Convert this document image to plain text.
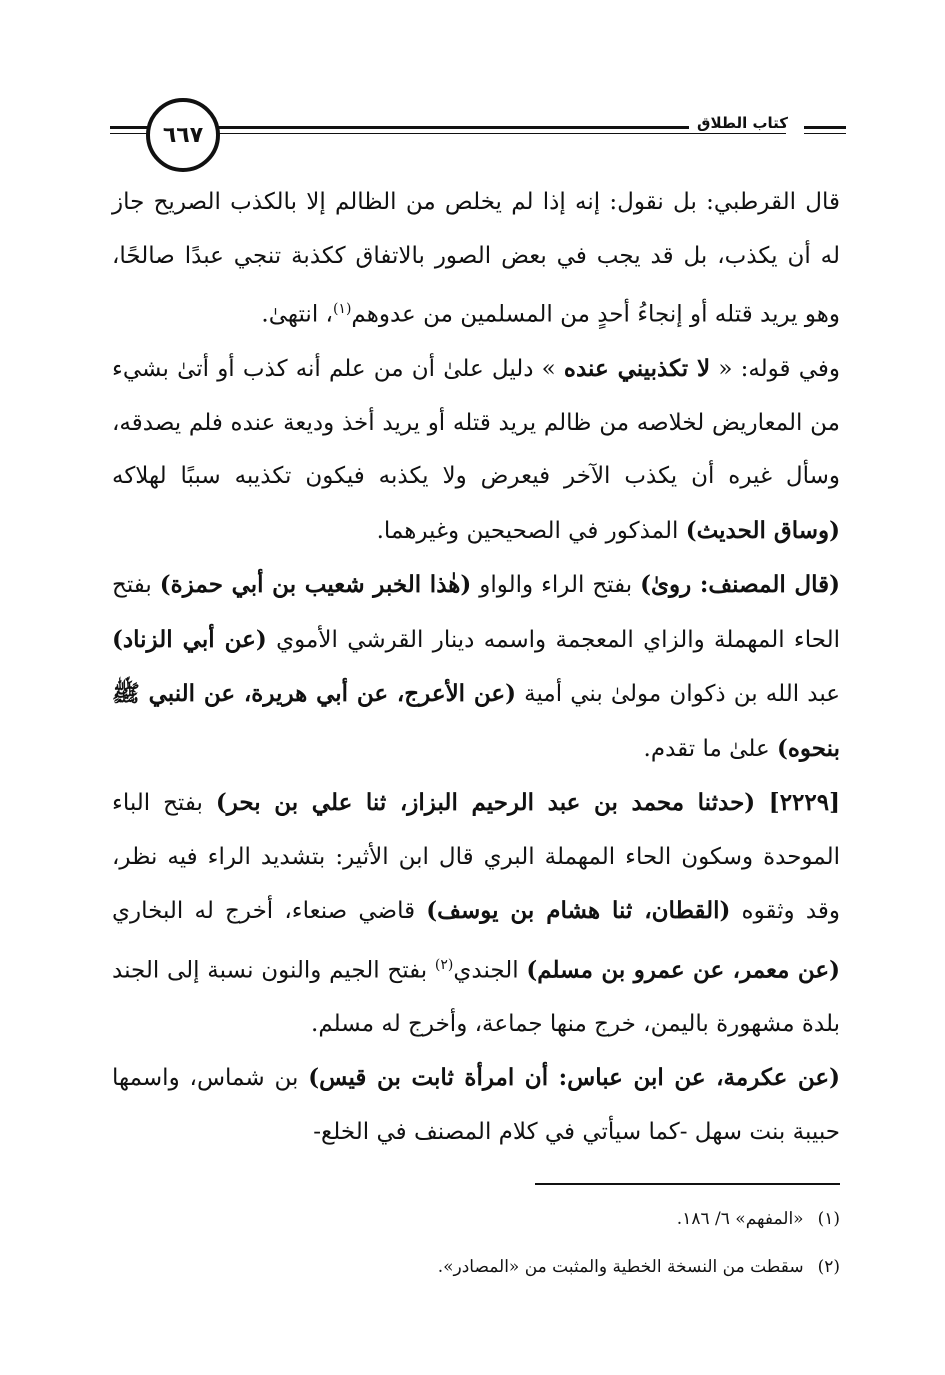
٦٦٧	كتاب الطلاق

قال القرطبي: بل نقول: إنه إذا لم يخلص من الظالم إلا بالكذب الصريح جاز له أن يكذب، بل قد يجب في بعض الصور بالاتفاق ككذبة تنجي عبدًا صالحًا، وهو يريد قتله أو إنجاءُ أحدٍ من المسلمين من عدوهم$^{(١)}$، انتهىٰ.

وفي قوله: « لا تكذبيني عنده » دليل علىٰ أن من علم أنه كذب أو أتىٰ بشيء من المعاريض لخلاصه من ظالم يريد قتله أو يريد أخذ وديعة عنده فلم يصدقه، وسأل غيره أن يكذب الآخر فيعرض ولا يكذبه فيكون تكذيبه سببًا لهلاكه (وساق الحديث) المذكور في الصحيحين وغيرهما.

(قال المصنف: روىٰ) بفتح الراء والواو (هٰذا الخبر شعيب بن أبي حمزة) بفتح الحاء المهملة والزاي المعجمة واسمه دينار القرشي الأموي (عن أبي الزناد) عبد الله بن ذكوان مولىٰ بني أمية (عن الأعرج، عن أبي هريرة، عن النبي ﷺ بنحوه) علىٰ ما تقدم.

[٢٢٢٩] (حدثنا محمد بن عبد الرحيم البزاز، ثنا علي بن بحر) بفتح الباء الموحدة وسكون الحاء المهملة البري قال ابن الأثير: بتشديد الراء فيه نظر، وقد وثقوه (القطان، ثنا هشام بن يوسف) قاضي صنعاء، أخرج له البخاري (عن معمر، عن عمرو بن مسلم) الجندي$^{(٢)}$ بفتح الجيم والنون نسبة إلى الجند بلدة مشهورة باليمن، خرج منها جماعة، وأخرج له مسلم.

(عن عكرمة، عن ابن عباس: أن امرأة ثابت بن قيس) بن شماس، واسمها حبيبة بنت سهل -كما سيأتي في كلام المصنف في الخلع-

(١)«المفهم» ٦/ ١٨٦.

(٢)سقطت من النسخة الخطية والمثبت من «المصادر».
